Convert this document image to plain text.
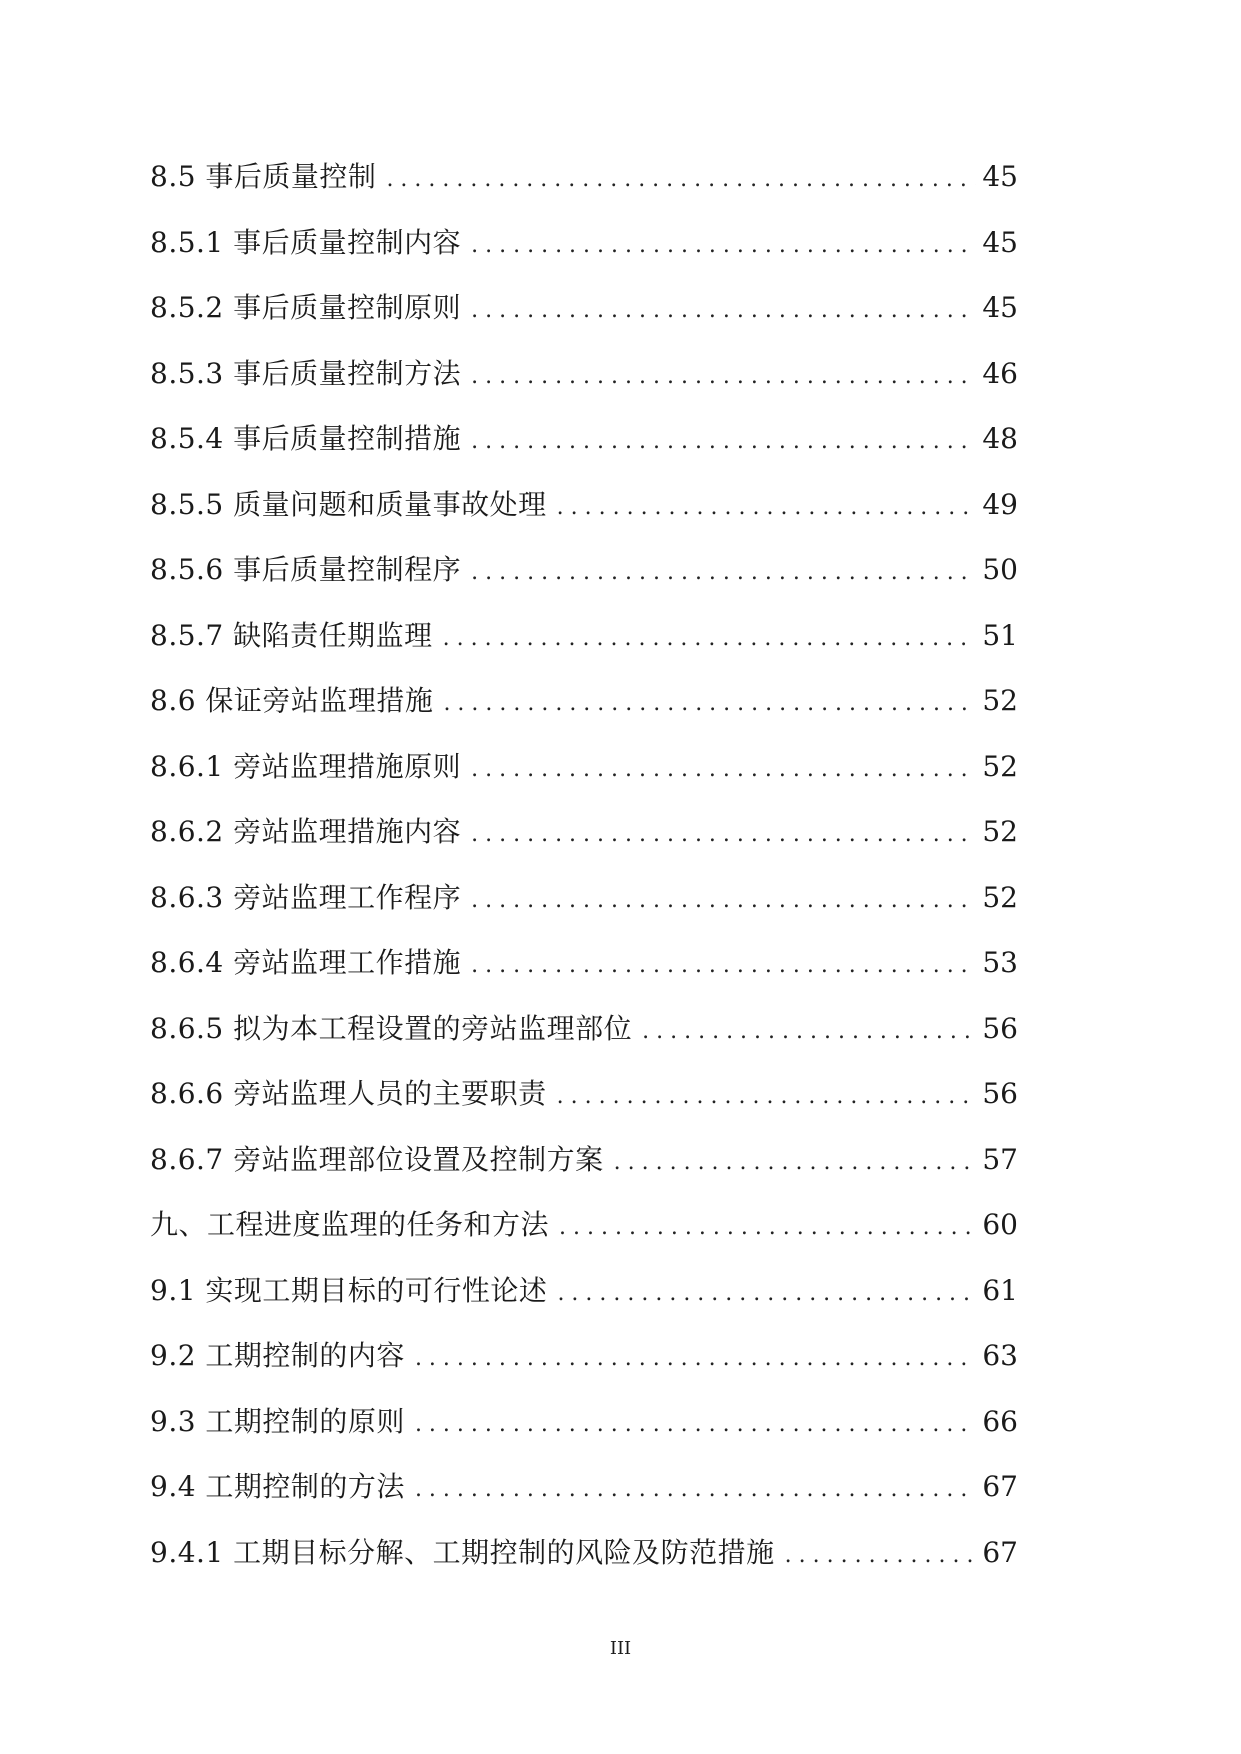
8.5 事后质量控制 . . .	45
8.5.1 事后质量控制内容 . . .	45
8.5.2 事后质量控制原则 . . .	45
8.5.3 事后质量控制方法 . . .	46
8.5.4 事后质量控制措施 . . .	48
8.5.5 质量问题和质量事故处理 . . .	49
8.5.6 事后质量控制程序 . . .	50
8.5.7 缺陷责任期监理 . . .	51
8.6 保证旁站监理措施 . . .	52
8.6.1 旁站监理措施原则 . . .	52
8.6.2 旁站监理措施内容 . . .	52
8.6.3 旁站监理工作程序 . . .	52
8.6.4 旁站监理工作措施 . . .	53
8.6.5 拟为本工程设置的旁站监理部位 . . .	56
8.6.6 旁站监理人员的主要职责 . . .	56
8.6.7 旁站监理部位设置及控制方案 . . .	57
九、工程进度监理的任务和方法 . . .	60
9.1 实现工期目标的可行性论述 . . .	61
9.2 工期控制的内容 . . .	63
9.3 工期控制的原则 . . .	66
9.4 工期控制的方法 . . .	67
9.4.1 工期目标分解、工期控制的风险及防范措施 . . .	67
III
